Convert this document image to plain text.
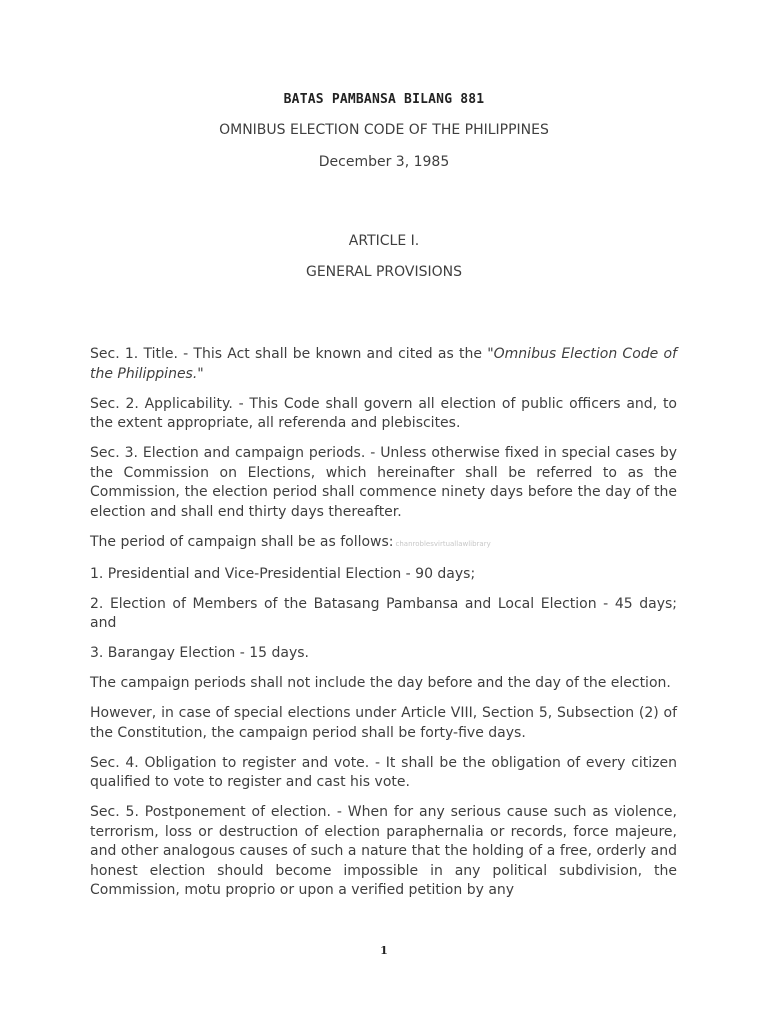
BATAS PAMBANSA BILANG 881
OMNIBUS ELECTION CODE OF THE PHILIPPINES
December 3, 1985
ARTICLE I.
GENERAL PROVISIONS

Sec. 1. Title. - This Act shall be known and cited as the "Omnibus Election Code of the Philippines."

Sec. 2. Applicability. - This Code shall govern all election of public officers and, to the extent appropriate, all referenda and plebiscites.

Sec. 3. Election and campaign periods. - Unless otherwise fixed in special cases by the Commission on Elections, which hereinafter shall be referred to as the Commission, the election period shall commence ninety days before the day of the election and shall end thirty days thereafter.

The period of campaign shall be as follows: chanroblesvirtuallawlibrary

1. Presidential and Vice-Presidential Election - 90 days;

2. Election of Members of the Batasang Pambansa and Local Election - 45 days; and

3. Barangay Election - 15 days.

The campaign periods shall not include the day before and the day of the election.

However, in case of special elections under Article VIII, Section 5, Subsection (2) of the Constitution, the campaign period shall be forty-five days.

Sec. 4. Obligation to register and vote. - It shall be the obligation of every citizen qualified to vote to register and cast his vote.

Sec. 5. Postponement of election. - When for any serious cause such as violence, terrorism, loss or destruction of election paraphernalia or records, force majeure, and other analogous causes of such a nature that the holding of a free, orderly and honest election should become impossible in any political subdivision, the Commission, motu proprio or upon a verified petition by any

1
